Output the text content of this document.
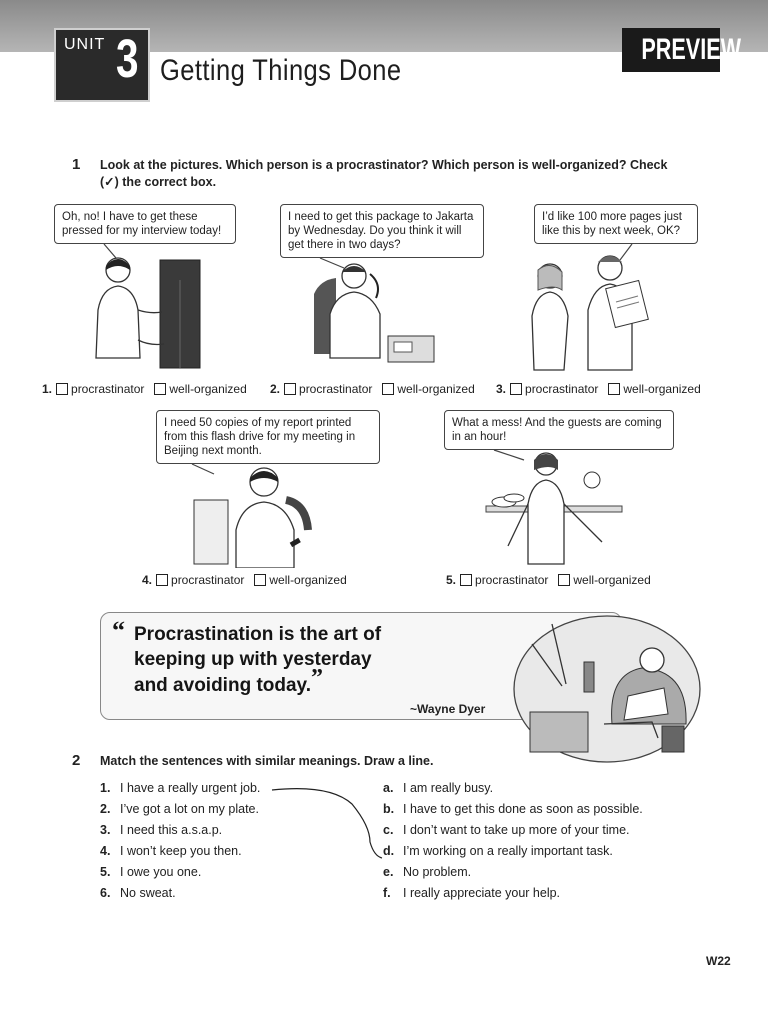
UNIT 3 Getting Things Done
PREVIEW
1 Look at the pictures. Which person is a procrastinator? Which person is well-organized? Check (✓) the correct box.
Oh, no! I have to get these pressed for my interview today!
1. procrastinator well-organized
I need to get this package to Jakarta by Wednesday. Do you think it will get there in two days?
2. procrastinator well-organized
I’d like 100 more pages just like this by next week, OK?
3. procrastinator well-organized
I need 50 copies of my report printed from this flash drive for my meeting in Beijing next month.
4. procrastinator well-organized
What a mess! And the guests are coming in an hour!
5. procrastinator well-organized
“ Procrastination is the art of
keeping up with yesterday
and avoiding today.”
~Wayne Dyer
2 Match the sentences with similar meanings. Draw a line.
1. I have a really urgent job.
2. I’ve got a lot on my plate.
3. I need this a.s.a.p.
4. I won’t keep you then.
5. I owe you one.
6. No sweat.
a. I am really busy.
b. I have to get this done as soon as possible.
c. I don’t want to take up more of your time.
d. I’m working on a really important task.
e. No problem.
f. I really appreciate your help.
W22
